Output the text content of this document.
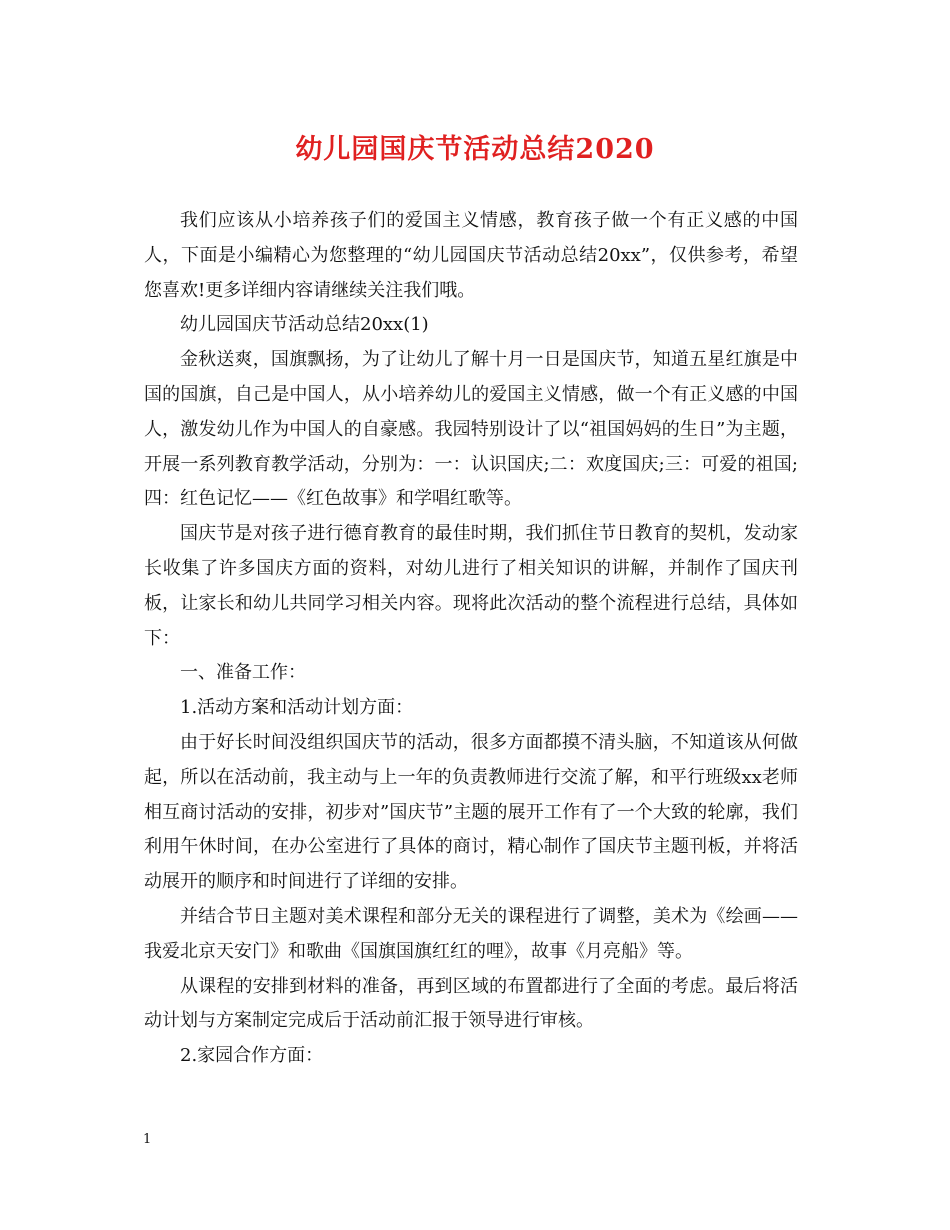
幼儿园国庆节活动总结2020

我们应该从小培养孩子们的爱国主义情感，教育孩子做一个有正义感的中国人，下面是小编精心为您整理的“幼儿园国庆节活动总结20xx”，仅供参考，希望您喜欢!更多详细内容请继续关注我们哦。

幼儿园国庆节活动总结20xx(1)

金秋送爽，国旗飘扬，为了让幼儿了解十月一日是国庆节，知道五星红旗是中国的国旗，自己是中国人，从小培养幼儿的爱国主义情感，做一个有正义感的中国人，激发幼儿作为中国人的自豪感。我园特别设计了以“祖国妈妈的生日”为主题，开展一系列教育教学活动，分别为：一：认识国庆;二：欢度国庆;三：可爱的祖国;四：红色记忆——《红色故事》和学唱红歌等。

国庆节是对孩子进行德育教育的最佳时期，我们抓住节日教育的契机，发动家长收集了许多国庆方面的资料，对幼儿进行了相关知识的讲解，并制作了国庆刊板，让家长和幼儿共同学习相关内容。现将此次活动的整个流程进行总结，具体如下：

一、准备工作：

1.活动方案和活动计划方面：

由于好长时间没组织国庆节的活动，很多方面都摸不清头脑，不知道该从何做起，所以在活动前，我主动与上一年的负责教师进行交流了解，和平行班级xx老师相互商讨活动的安排，初步对”国庆节”主题的展开工作有了一个大致的轮廓，我们利用午休时间，在办公室进行了具体的商讨，精心制作了国庆节主题刊板，并将活动展开的顺序和时间进行了详细的安排。

并结合节日主题对美术课程和部分无关的课程进行了调整，美术为《绘画——我爱北京天安门》和歌曲《国旗国旗红红的哩》，故事《月亮船》等。

从课程的安排到材料的准备，再到区域的布置都进行了全面的考虑。最后将活动计划与方案制定完成后于活动前汇报于领导进行审核。

2.家园合作方面：

1
